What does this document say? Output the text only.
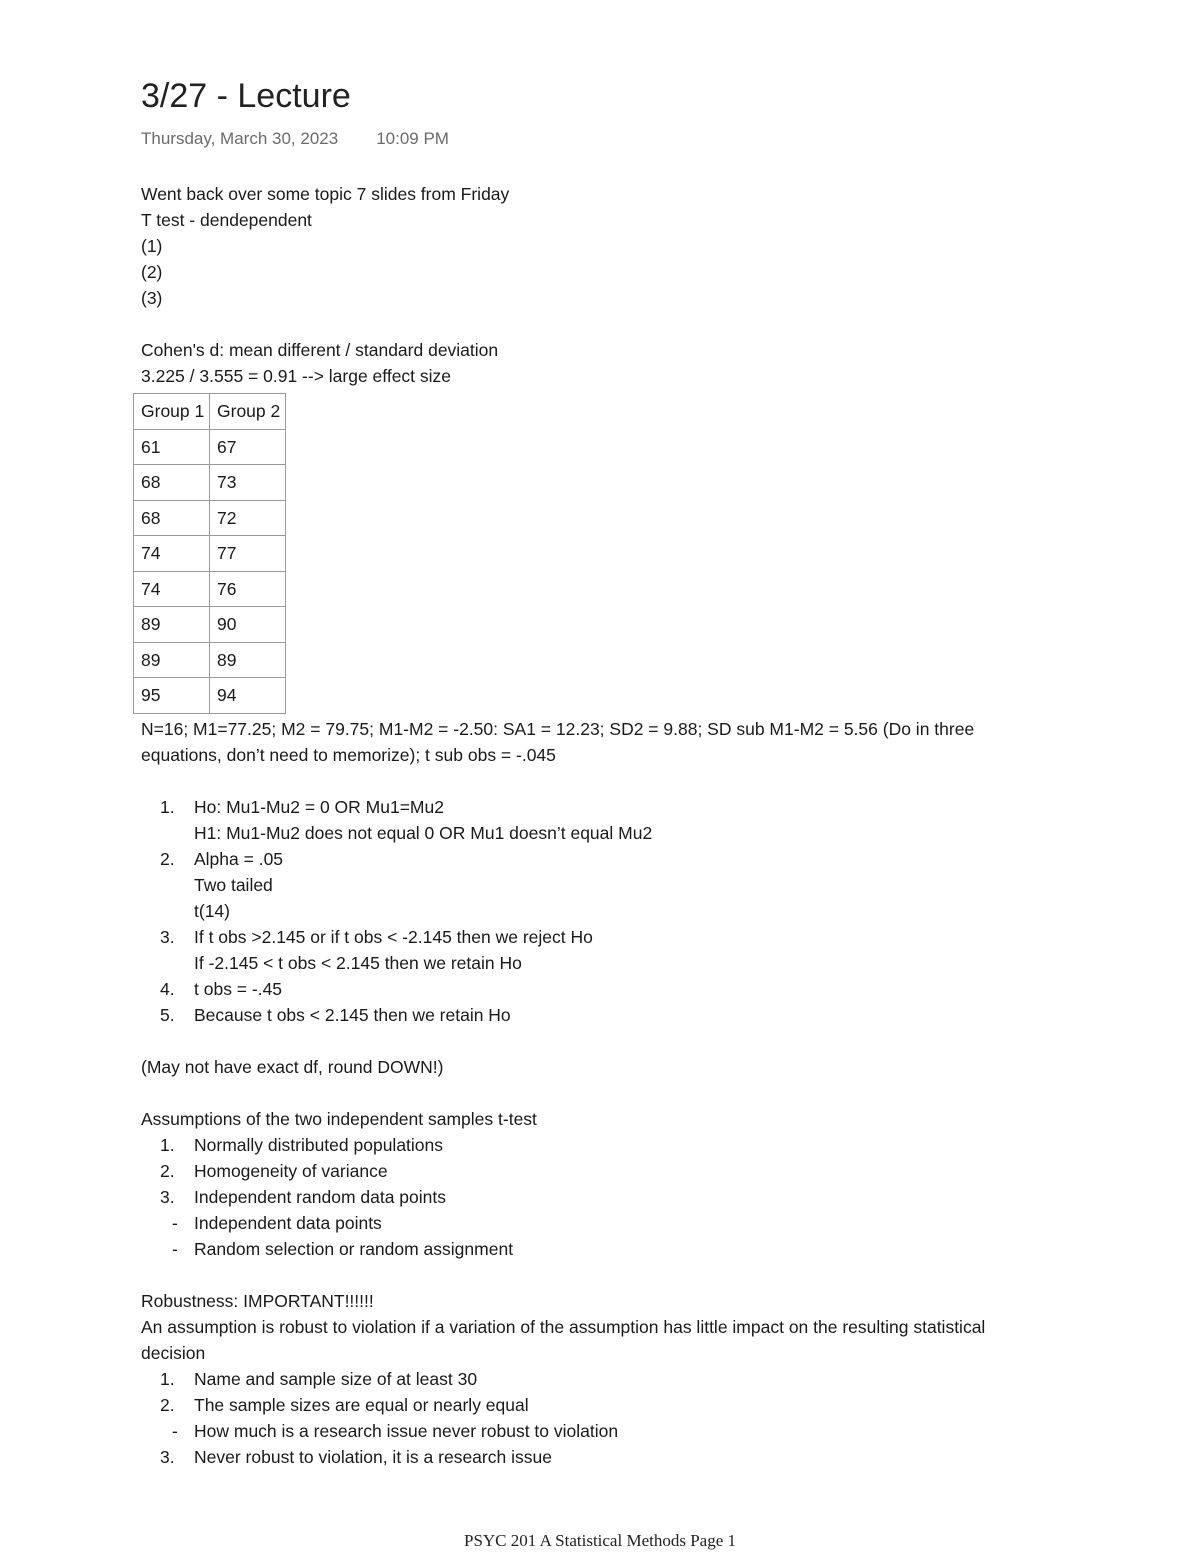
3/27 - Lecture
Thursday, March 30, 2023 10:09 PM
Went back over some topic 7 slides from Friday
T test - dendependent
(1)
(2)
(3)
Cohen's d: mean different / standard deviation
3.225 / 3.555 = 0.91 --> large effect size
Group 1	Group 2
61	67
68	73
68	72
74	77
74	76
89	90
89	89
95	94
N=16; M1=77.25; M2 = 79.75; M1-M2 = -2.50: SA1 = 12.23; SD2 = 9.88; SD sub M1-M2 = 5.56 (Do in three equations, don’t need to memorize); t sub obs = -.045
1.	Ho: Mu1-Mu2 = 0 OR Mu1=Mu2
H1: Mu1-Mu2 does not equal 0 OR Mu1 doesn’t equal Mu2
2.	Alpha = .05
Two tailed
t(14)
3.	If t obs >2.145 or if t obs < -2.145 then we reject Ho
If -2.145 < t obs < 2.145 then we retain Ho
4.	t obs = -.45
5.	Because t obs < 2.145 then we retain Ho
(May not have exact df, round DOWN!)
Assumptions of the two independent samples t-test
1.	Normally distributed populations
2.	Homogeneity of variance
3.	Independent random data points
- Independent data points
- Random selection or random assignment
Robustness: IMPORTANT!!!!!!
An assumption is robust to violation if a variation of the assumption has little impact on the resulting statistical decision
1.	Name and sample size of at least 30
2.	The sample sizes are equal or nearly equal
- How much is a research issue never robust to violation
3.	Never robust to violation, it is a research issue
PSYC 201 A Statistical Methods Page 1
